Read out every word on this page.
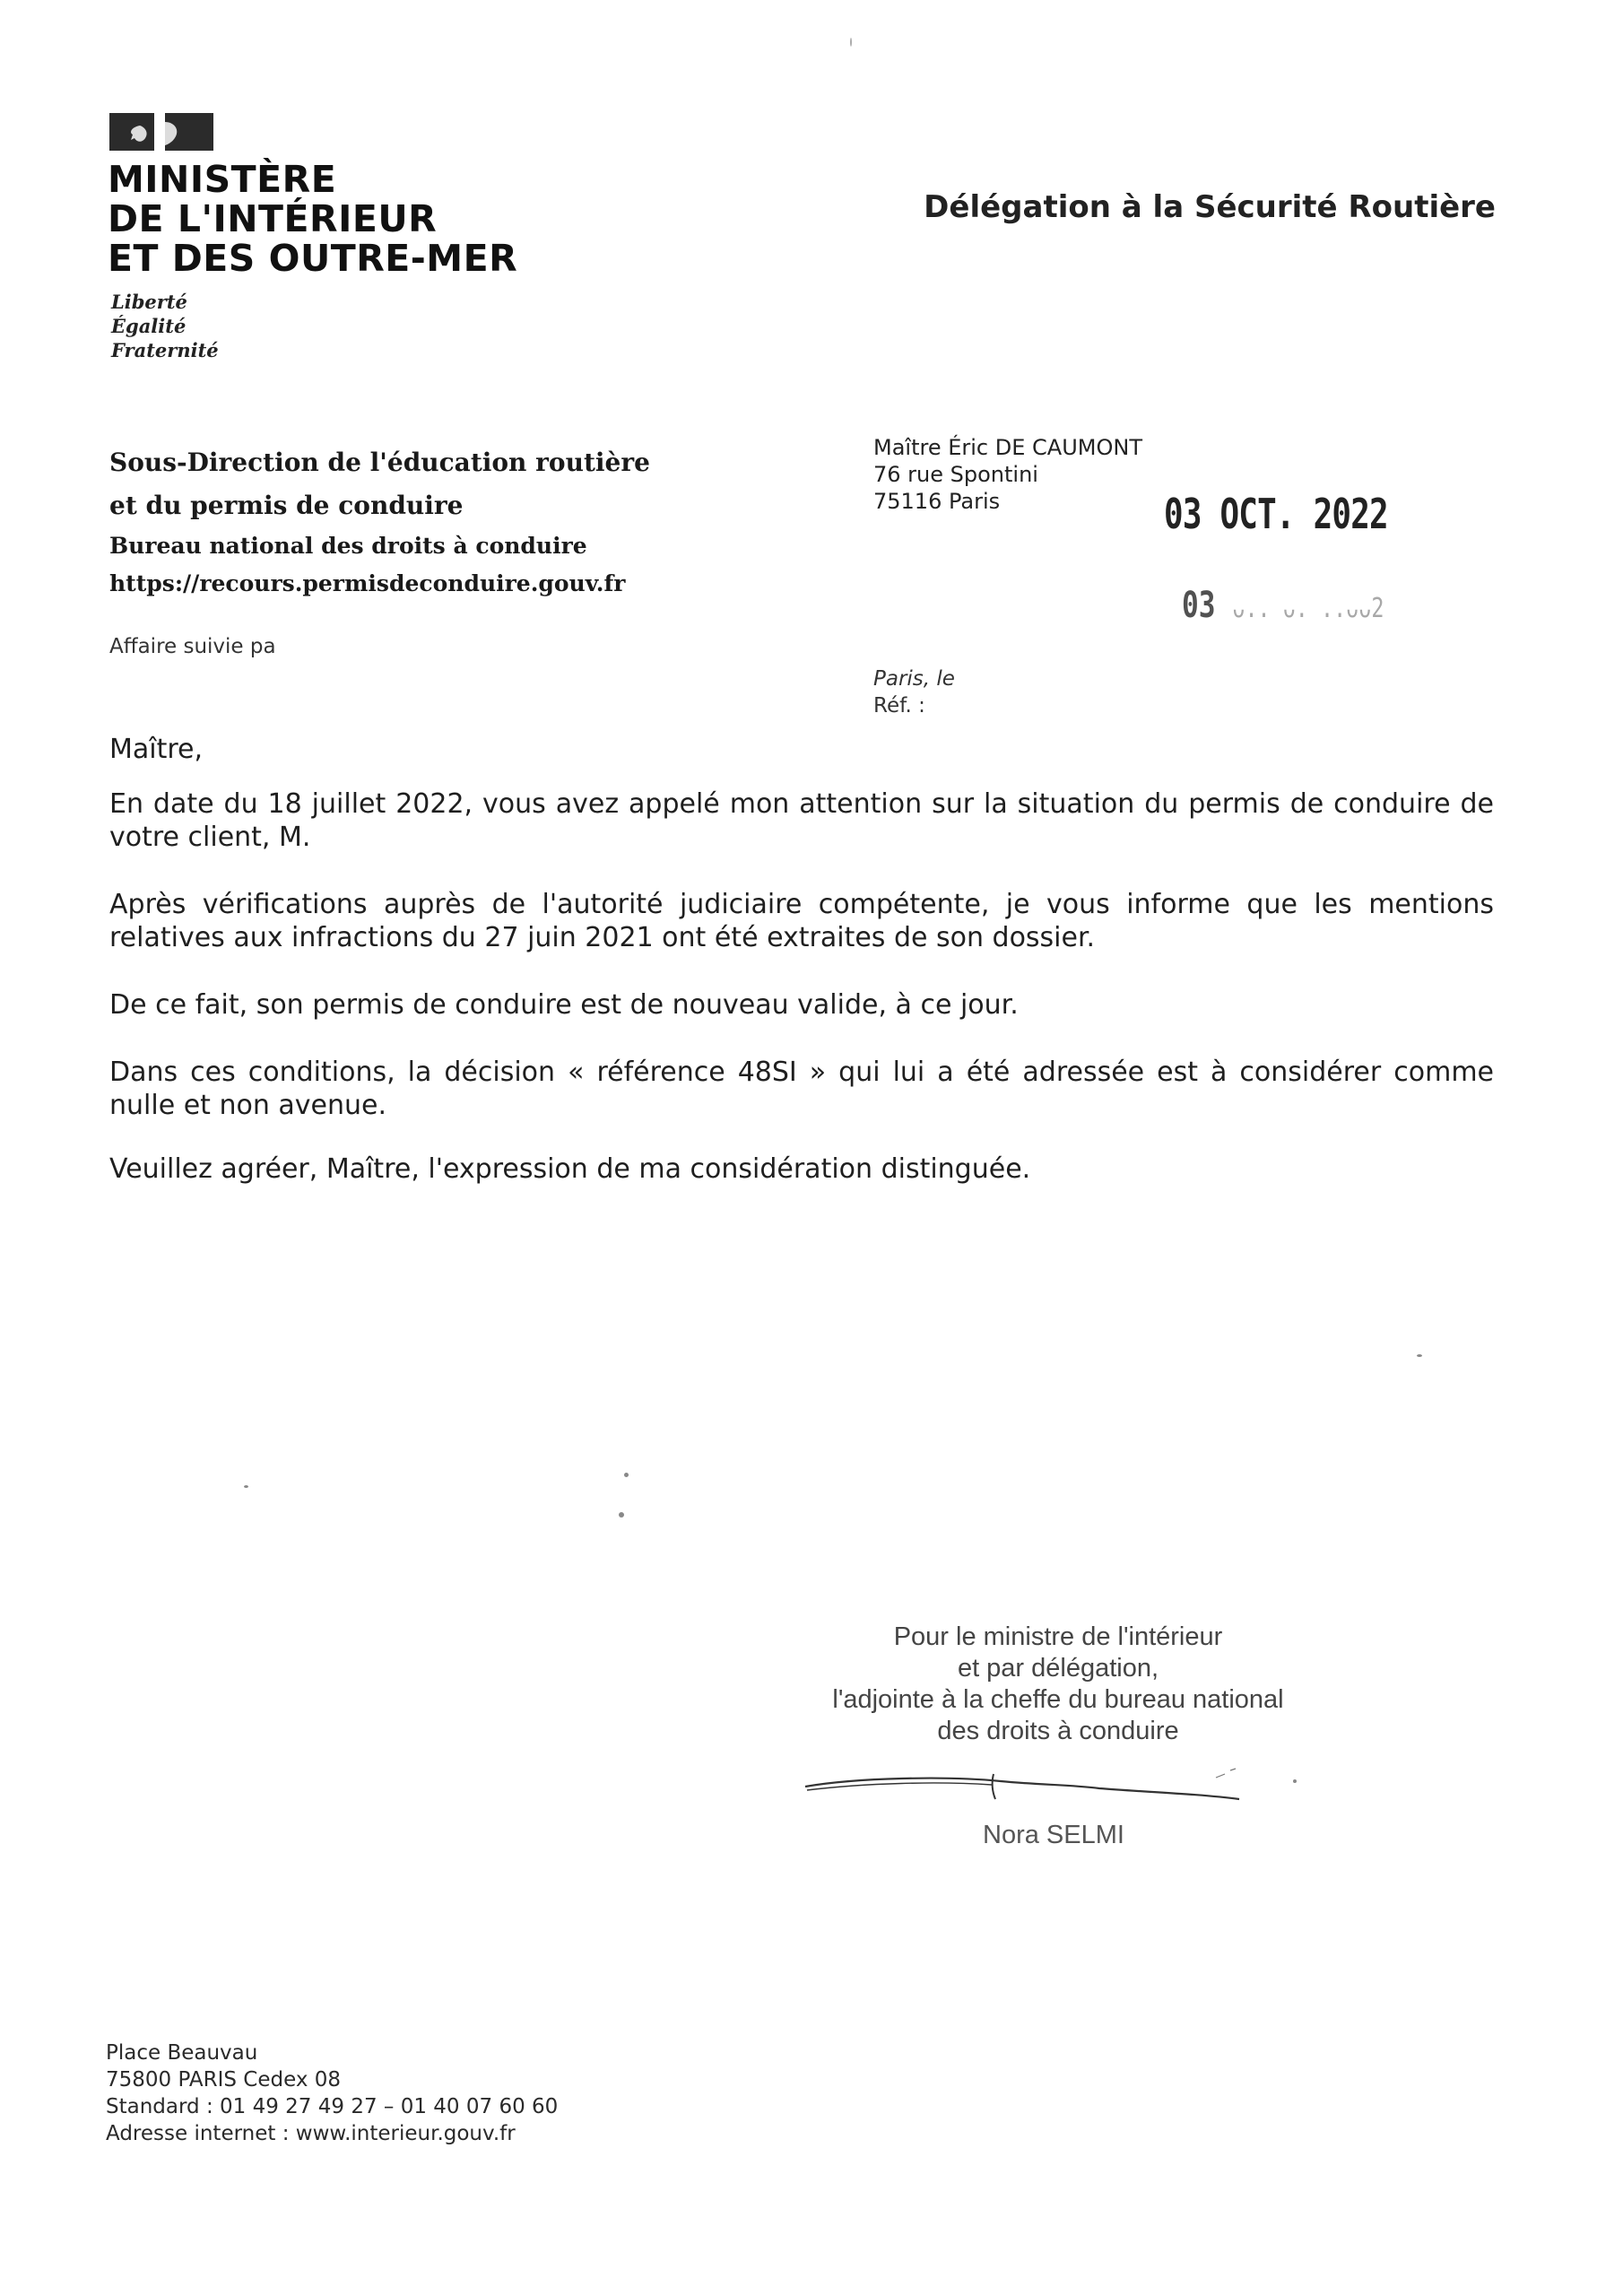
MINISTÈRE
DE L'INTÉRIEUR
ET DES OUTRE-MER
Liberté
Égalité
Fraternité
Délégation à la Sécurité Routière
Sous-Direction de l'éducation routière
et du permis de conduire
Bureau national des droits à conduire
https://recours.permisdeconduire.gouv.fr
Affaire suivie pa
Maître Éric DE CAUMONT
76 rue Spontini
75116 Paris	03 OCT. 2022
03 ᴗ.. ᴗ. ..ᴗᴗ2
Paris, le
Réf. :
Maître,

En date du 18 juillet 2022, vous avez appelé mon attention sur la situation du permis de conduire de votre client, M.

Après vérifications auprès de l'autorité judiciaire compétente, je vous informe que les mentions relatives aux infractions du 27 juin 2021 ont été extraites de son dossier.

De ce fait, son permis de conduire est de nouveau valide, à ce jour.

Dans ces conditions, la décision « référence 48SI » qui lui a été adressée est à considérer comme nulle et non avenue.

Veuillez agréer, Maître, l'expression de ma considération distinguée.
Pour le ministre de l'intérieur
et par délégation,
l'adjointe à la cheffe du bureau national
des droits à conduire
Nora SELMI
Place Beauvau
75800 PARIS Cedex 08
Standard : 01 49 27 49 27 – 01 40 07 60 60
Adresse internet : www.interieur.gouv.fr
